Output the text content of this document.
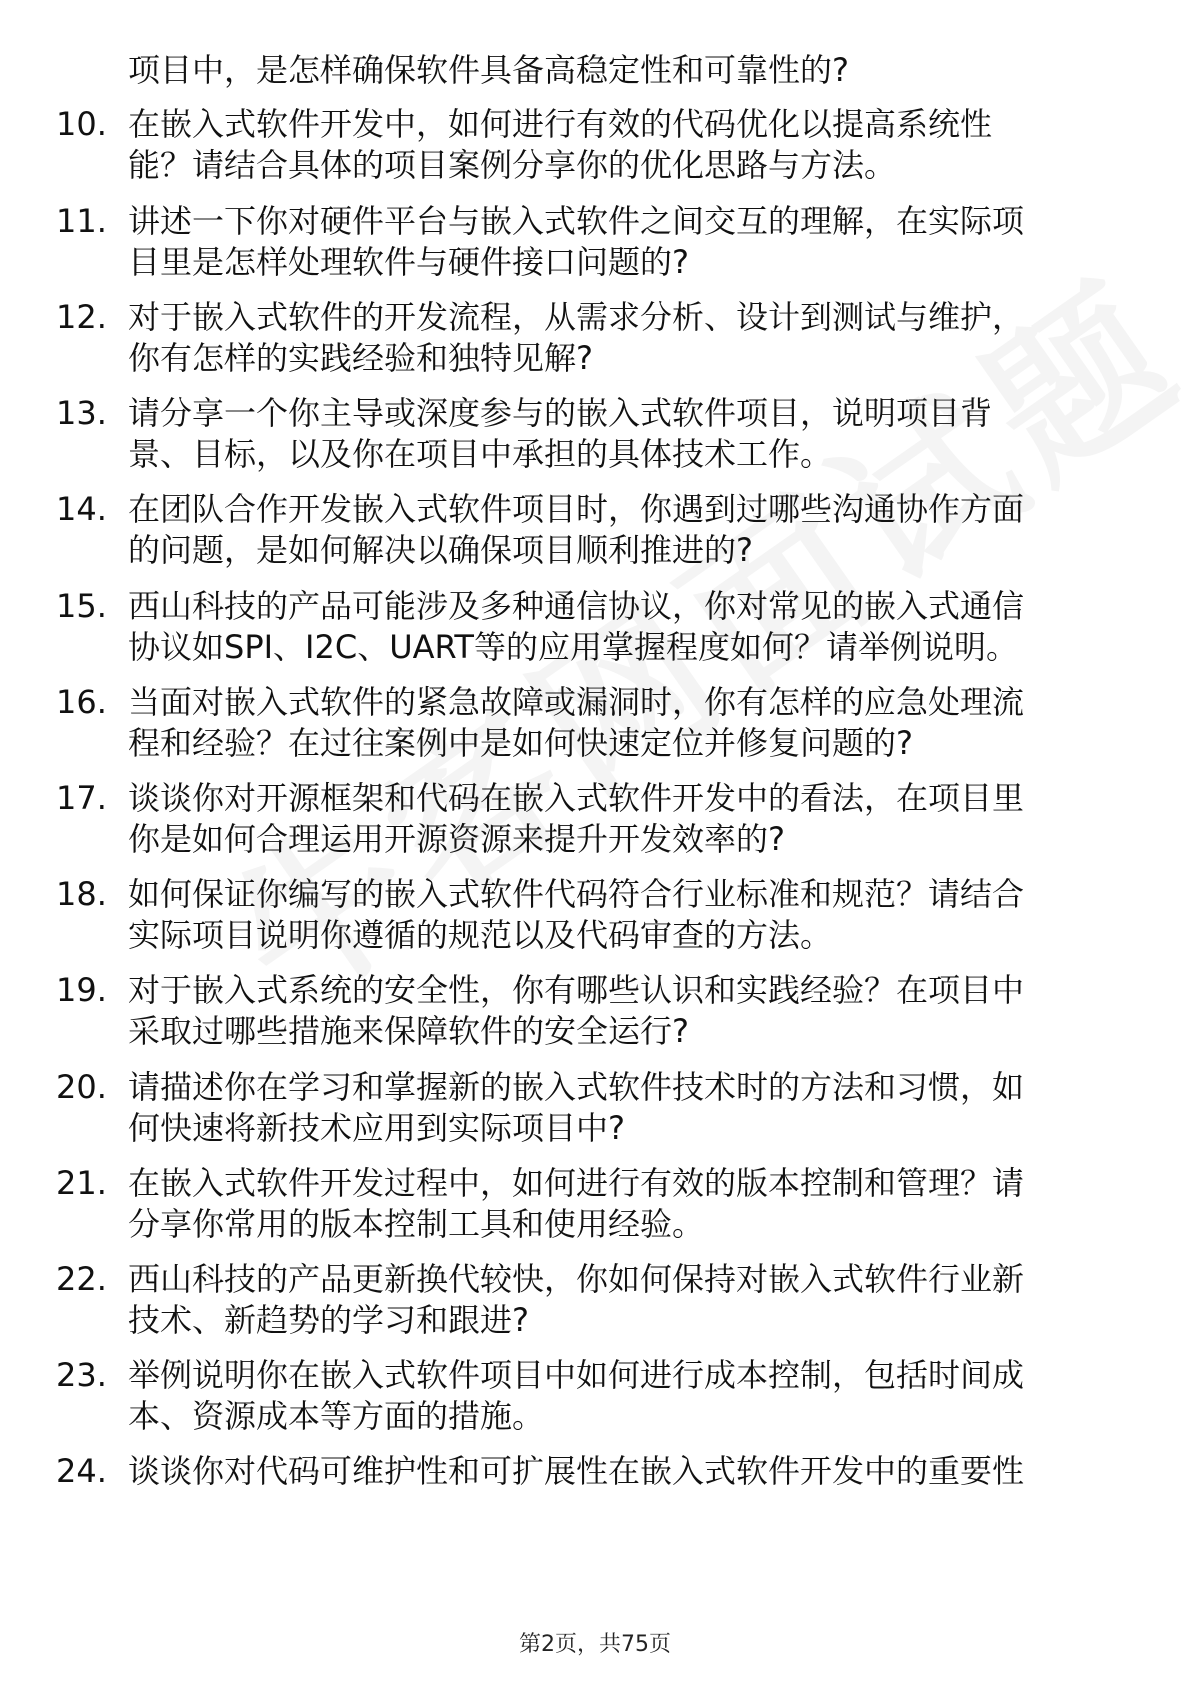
项目中，是怎样确保软件具备高稳定性和可靠性的?
10. 在嵌入式软件开发中，如何进行有效的代码优化以提高系统性
能？请结合具体的项目案例分享你的优化思路与方法。
11. 讲述一下你对硬件平台与嵌入式软件之间交互的理解，在实际项
目里是怎样处理软件与硬件接口问题的?
12. 对于嵌入式软件的开发流程，从需求分析、设计到测试与维护，
你有怎样的实践经验和独特见解?
13. 请分享一个你主导或深度参与的嵌入式软件项目，说明项目背
景、目标，以及你在项目中承担的具体技术工作。
14. 在团队合作开发嵌入式软件项目时，你遇到过哪些沟通协作方面
的问题，是如何解决以确保项目顺利推进的?
15. 西山科技的产品可能涉及多种通信协议，你对常见的嵌入式通信
协议如SPI、I2C、UART等的应用掌握程度如何？请举例说明。
16. 当面对嵌入式软件的紧急故障或漏洞时，你有怎样的应急处理流
程和经验？在过往案例中是如何快速定位并修复问题的?
17. 谈谈你对开源框架和代码在嵌入式软件开发中的看法，在项目里
你是如何合理运用开源资源来提升开发效率的?
18. 如何保证你编写的嵌入式软件代码符合行业标准和规范？请结合
实际项目说明你遵循的规范以及代码审查的方法。
19. 对于嵌入式系统的安全性，你有哪些认识和实践经验？在项目中
采取过哪些措施来保障软件的安全运行?
20. 请描述你在学习和掌握新的嵌入式软件技术时的方法和习惯，如
何快速将新技术应用到实际项目中?
21. 在嵌入式软件开发过程中，如何进行有效的版本控制和管理？请
分享你常用的版本控制工具和使用经验。
22. 西山科技的产品更新换代较快，你如何保持对嵌入式软件行业新
技术、新趋势的学习和跟进?
23. 举例说明你在嵌入式软件项目中如何进行成本控制，包括时间成
本、资源成本等方面的措施。
24. 谈谈你对代码可维护性和可扩展性在嵌入式软件开发中的重要性
第2页，共75页
